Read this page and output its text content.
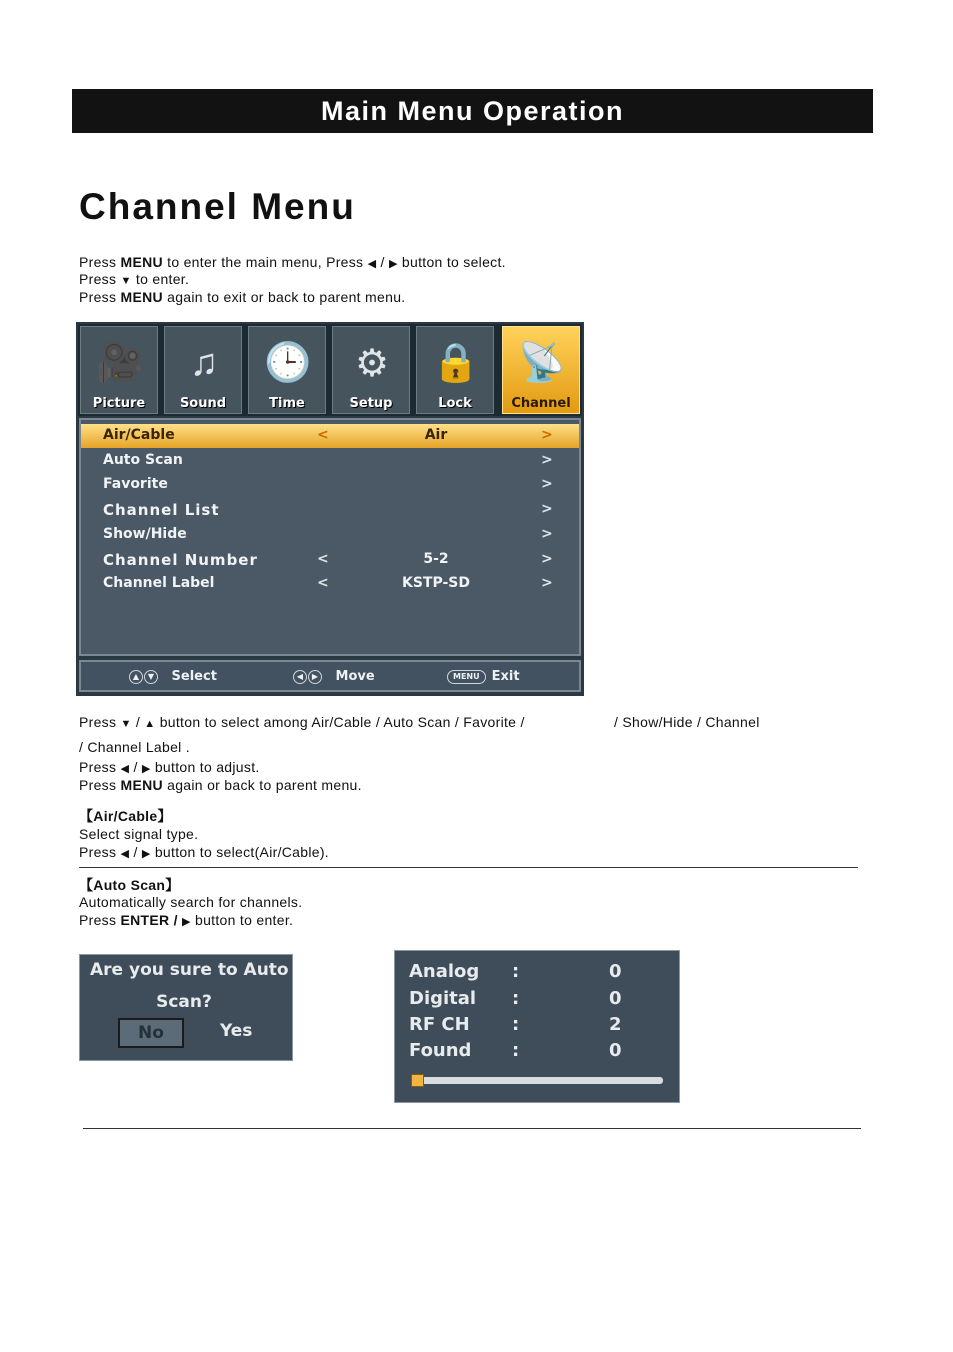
Main Menu Operation
Channel Menu
Press MENU to enter the main menu, Press ◀ / ▶ button to select.
Press ▼ to enter.
Press MENU again to exit or back to parent menu.
🎥
Picture
♫
Sound
🕒
Time
⚙
Setup
🔒
Lock
📡
Channel
Air/Cable	<	Air	>
Auto Scan	>
Favorite	>
Channel List	>
Show/Hide	>
Channel Number	<	5-2	>
Channel Label	<	KSTP-SD	>
▲ ▼ Select	◀ ▶ Move	MENU Exit
Press ▼ / ▲ button to select among Air/Cable / Auto Scan / Favorite /	/ Show/Hide / Channel
/ Channel Label .
Press ◀ / ▶ button to adjust.
Press MENU again or back to parent menu.
【Air/Cable】
Select signal type.
Press ◀ / ▶ button to select(Air/Cable).
【Auto Scan】
Automatically search for channels.
Press ENTER / ▶ button to enter.
Are you sure to Auto
Scan?
No	Yes
Analog :	0
Digital :	0
RF CH :	2
Found :	0
